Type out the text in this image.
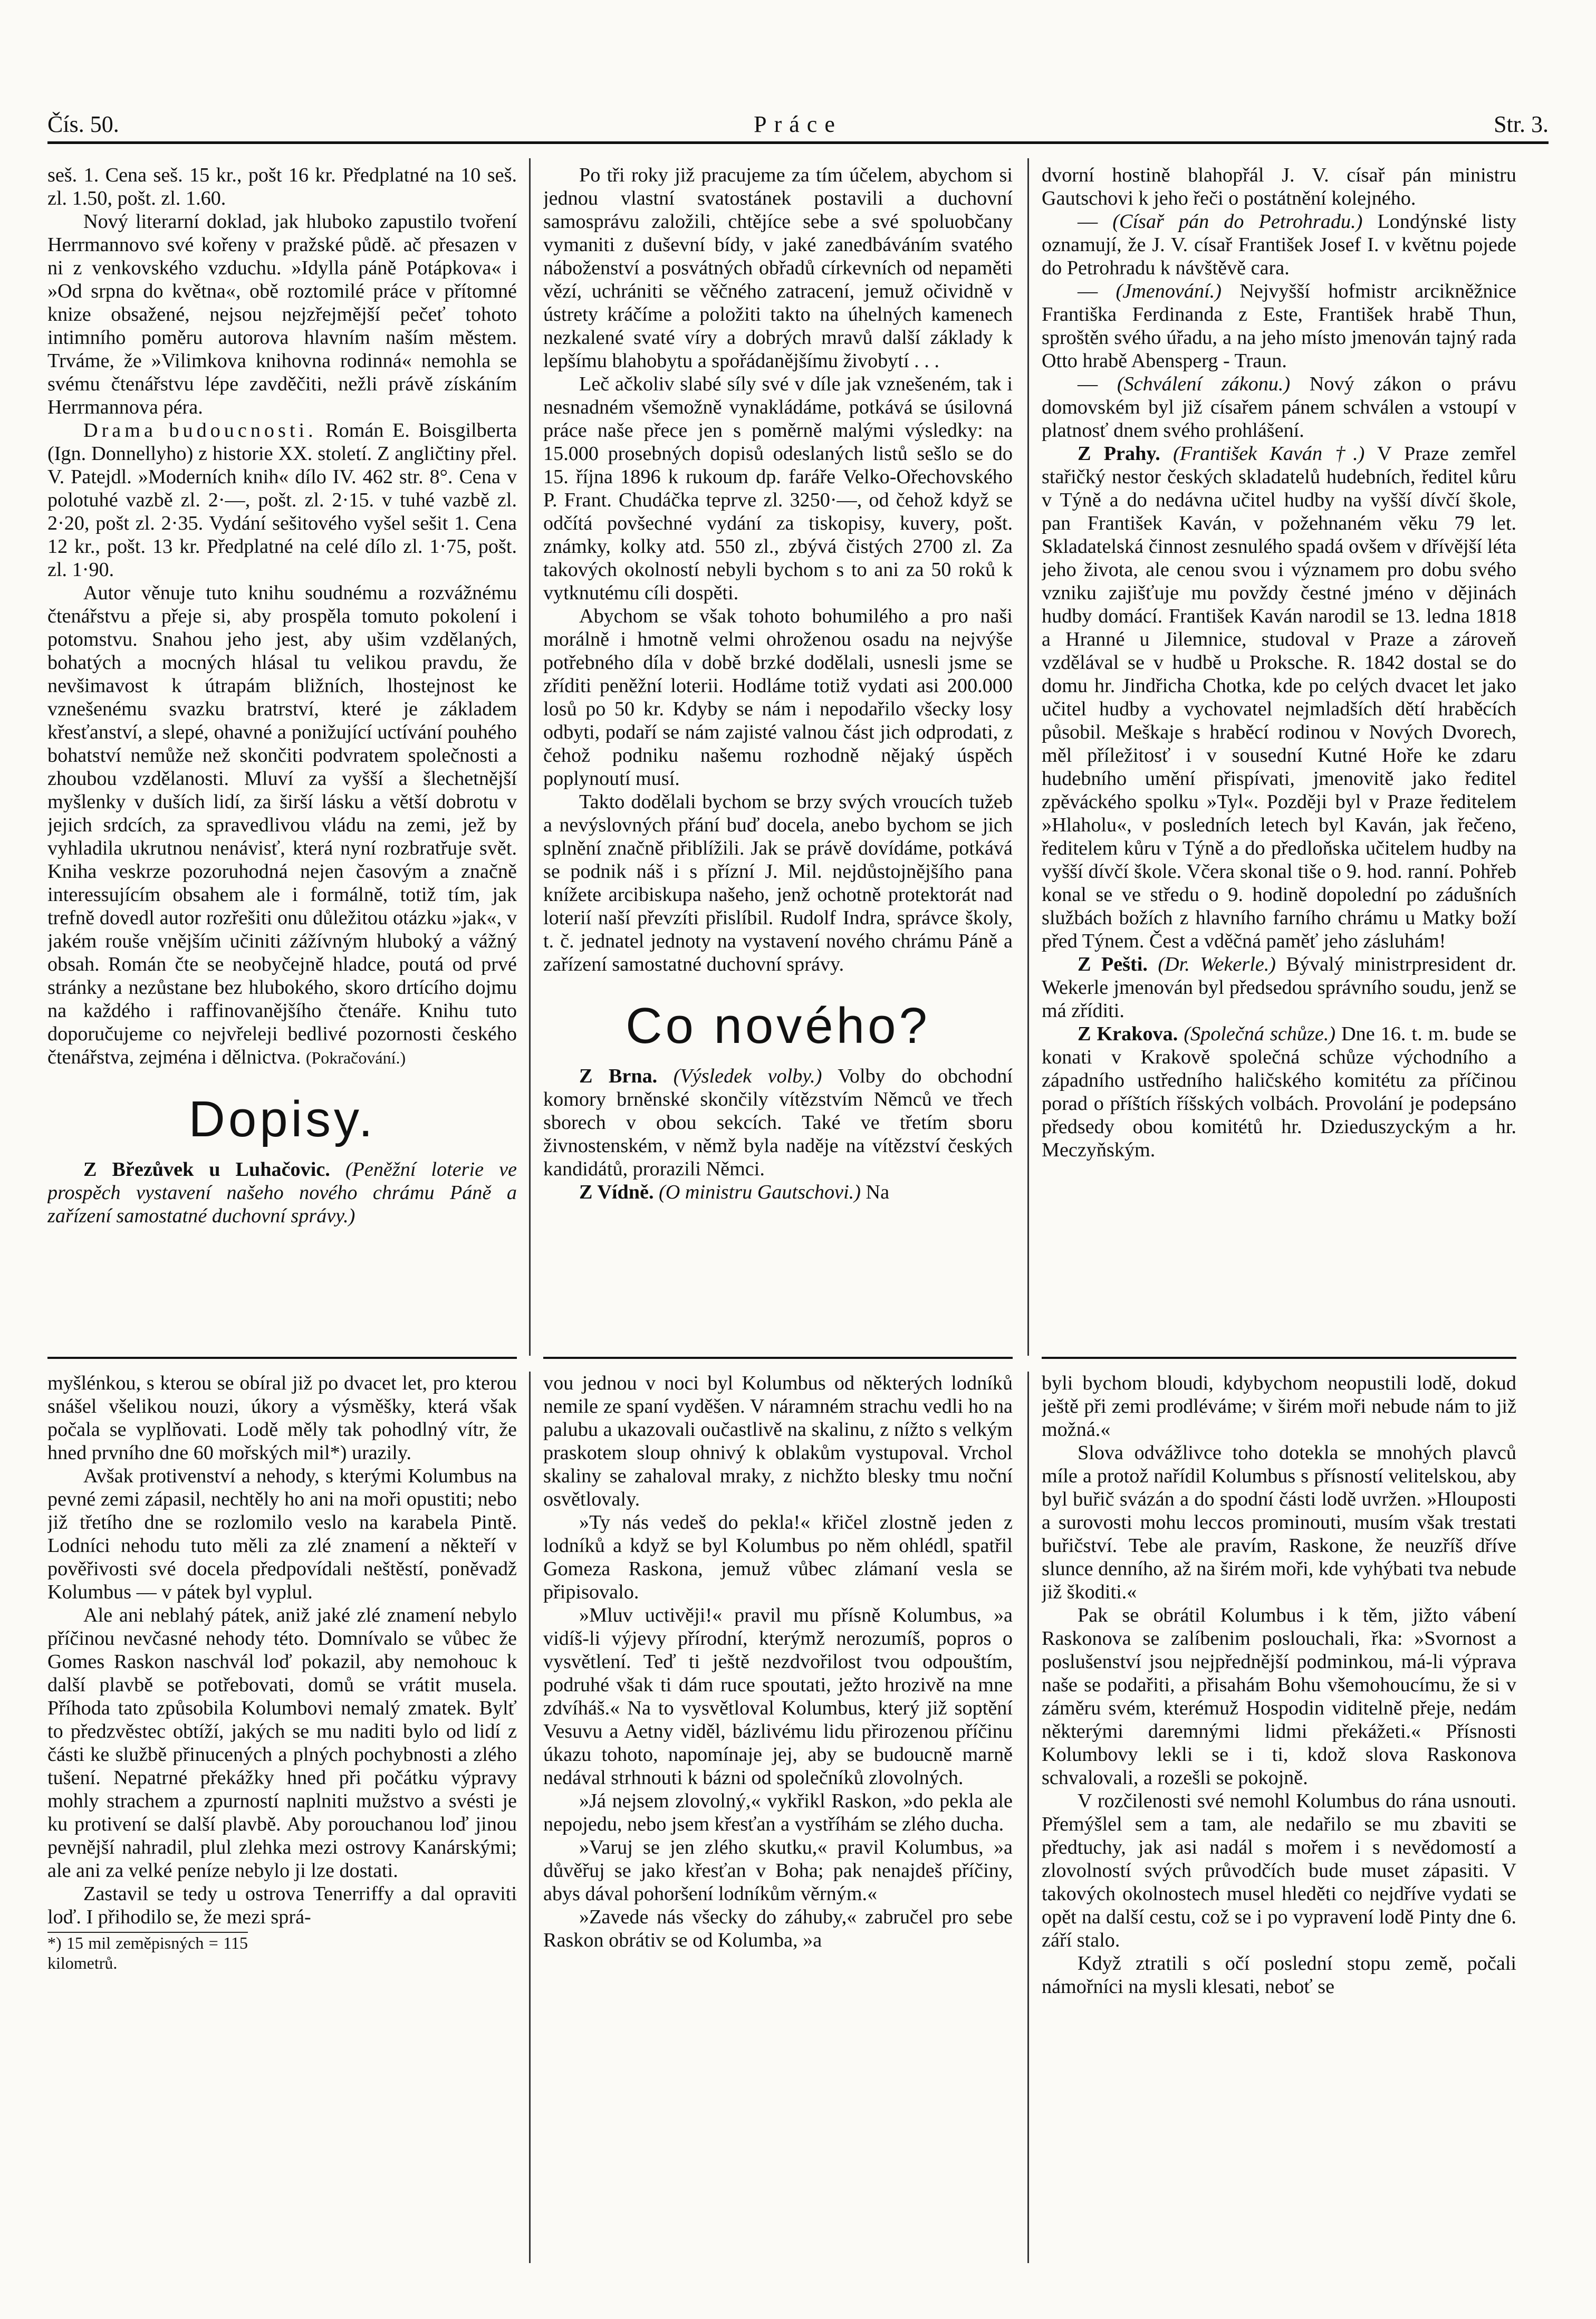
Čís. 50.	Práce	Str. 3.

seš. 1. Cena seš. 15 kr., pošt 16 kr. Předplatné na 10 seš. zl. 1.50, pošt. zl. 1.60.

Nový literarní doklad, jak hluboko zapustilo tvoření Herrmannovo své kořeny v pražské půdě. ač přesazen v ni z venkovského vzduchu. »Idylla páně Potápkova« i »Od srpna do května«, obě roztomilé práce v přítomné knize obsažené, nejsou nejzřejmější pečeť tohoto intimního poměru autorova hlavním naším městem. Trváme, že »Vilimkova knihovna rodinná« nemohla se svému čtenářstvu lépe zavděčiti, nežli právě získáním Herrmannova péra.

Drama budoucnosti. Román E. Boisgilberta (Ign. Donnellyho) z historie XX. století. Z angličtiny přel. V. Patejdl. »Moderních knih« dílo IV. 462 str. 8°. Cena v polotuhé vazbě zl. 2·—, pošt. zl. 2·15. v tuhé vazbě zl. 2·20, pošt zl. 2·35. Vydání sešitového vyšel sešit 1. Cena 12 kr., pošt. 13 kr. Předplatné na celé dílo zl. 1·75, pošt. zl. 1·90.

Autor věnuje tuto knihu soudnému a rozvážnému čtenářstvu a přeje si, aby prospěla tomuto pokolení i potomstvu. Snahou jeho jest, aby ušim vzdělaných, bohatých a mocných hlásal tu velikou pravdu, že nevšimavost k útrapám bližních, lhostejnost ke vznešenému svazku bratrství, které je základem křesťanství, a slepé, ohavné a ponižující uctívání pouhého bohatství nemůže než skončiti podvratem společnosti a zhoubou vzdělanosti. Mluví za vyšší a šlechetnější myšlenky v duších lidí, za širší lásku a větší dobrotu v jejich srdcích, za spravedlivou vládu na zemi, jež by vyhladila ukrutnou nenávisť, která nyní rozbratřuje svět. Kniha veskrze pozoruhodná nejen časovým a značně interessujícím obsahem ale i formálně, totiž tím, jak trefně dovedl autor rozřešiti onu důležitou otázku »jak«, v jakém rouše vnějším učiniti zážívným hluboký a vážný obsah. Román čte se neobyčejně hladce, poutá od prvé stránky a nezůstane bez hlubokého, skoro drtícího dojmu na každého i raffinovanějšího čtenáře. Knihu tuto doporučujeme co nejvřeleji bedlivé pozornosti českého čtenářstva, zejména i dělnictva. (Pokračování.)

Dopisy.

Z Březůvek u Luhačovic. (Peněžní loterie ve prospěch vystavení našeho nového chrámu Páně a zařízení samostatné duchovní správy.)

Po tři roky již pracujeme za tím účelem, abychom si jednou vlastní svatostánek postavili a duchovní samosprávu založili, chtějíce sebe a své spoluobčany vymaniti z duševní bídy, v jaké zanedbáváním svatého náboženství a posvátných obřadů církevních od nepaměti vězí, uchrániti se věčného zatracení, jemuž očividně v ústrety kráčíme a položiti takto na úhelných kamenech nezkalené svaté víry a dobrých mravů další základy k lepšímu blahobytu a spořádanějšímu živobytí . . .

Leč ačkoliv slabé síly své v díle jak vznešeném, tak i nesnadném všemožně vynakládáme, potkává se úsilovná práce naše přece jen s poměrně malými výsledky: na 15.000 prosebných dopisů odeslaných listů sešlo se do 15. října 1896 k rukoum dp. faráře Velko-Ořechovského P. Frant. Chudáčka teprve zl. 3250·—, od čehož když se odčítá povšechné vydání za tiskopisy, kuvery, pošt. známky, kolky atd. 550 zl., zbývá čistých 2700 zl. Za takových okolností nebyli bychom s to ani za 50 roků k vytknutému cíli dospěti.

Abychom se však tohoto bohumilého a pro naši morálně i hmotně velmi ohroženou osadu na nejvýše potřebného díla v době brzké dodělali, usnesli jsme se zříditi peněžní loterii. Hodláme totiž vydati asi 200.000 losů po 50 kr. Kdyby se nám i nepodařilo všecky losy odbyti, podaří se nám zajisté valnou část jich odprodati, z čehož podniku našemu rozhodně nějaký úspěch poplynoutí musí.

Takto dodělali bychom se brzy svých vroucích tužeb a nevýslovných přání buď docela, anebo bychom se jich splnění značně přiblížili. Jak se právě dovídáme, potkává se podnik náš i s přízní J. Mil. nejdůstojnějšího pana knížete arcibiskupa našeho, jenž ochotně protektorát nad loterií naší převzíti přislíbil. Rudolf Indra, správce školy, t. č. jednatel jednoty na vystavení nového chrámu Páně a zařízení samostatné duchovní správy.

Co nového?

Z Brna. (Výsledek volby.) Volby do obchodní komory brněnské skončily vítězstvím Němců ve třech sborech v obou sekcích. Také ve třetím sboru živnostenském, v němž byla naděje na vítězství českých kandidátů, prorazili Němci.

Z Vídně. (O ministru Gautschovi.) Na

dvorní hostině blahopřál J. V. císař pán ministru Gautschovi k jeho řeči o postátnění kolejného.

— (Císař pán do Petrohradu.) Londýnské listy oznamují, že J. V. císař František Josef I. v květnu pojede do Petrohradu k návštěvě cara.

— (Jmenování.) Nejvyšší hofmistr arcikněžnice Františka Ferdinanda z Este, František hrabě Thun, sproštěn svého úřadu, a na jeho místo jmenován tajný rada Otto hrabě Abensperg - Traun.

— (Schválení zákonu.) Nový zákon o právu domovském byl již císařem pánem schválen a vstoupí v platnosť dnem svého prohlášení.

Z Prahy. (František Kaván †.) V Praze zemřel stařičký nestor českých skladatelů hudebních, ředitel kůru v Týně a do nedávna učitel hudby na vyšší dívčí škole, pan František Kaván, v požehnaném věku 79 let. Skladatelská činnost zesnulého spadá ovšem v dřívější léta jeho života, ale cenou svou i významem pro dobu svého vzniku zajišťuje mu povždy čestné jméno v dějinách hudby domácí. František Kaván narodil se 13. ledna 1818 a Hranné u Jilemnice, studoval v Praze a zároveň vzdělával se v hudbě u Proksche. R. 1842 dostal se do domu hr. Jindřicha Chotka, kde po celých dvacet let jako učitel hudby a vychovatel nejmladších dětí hraběcích působil. Meškaje s hraběcí rodinou v Nových Dvorech, měl příležitosť i v sousední Kutné Hoře ke zdaru hudebního umění přispívati, jmenovitě jako ředitel zpěváckého spolku »Tyl«. Později byl v Praze ředitelem »Hlaholu«, v posledních letech byl Kaván, jak řečeno, ředitelem kůru v Týně a do předloňska učitelem hudby na vyšší dívčí škole. Včera skonal tiše o 9. hod. ranní. Pohřeb konal se ve středu o 9. hodině dopolední po zádušních službách božích z hlavního farního chrámu u Matky boží před Týnem. Čest a vděčná paměť jeho zásluhám!

Z Pešti. (Dr. Wekerle.) Bývalý ministrpresident dr. Wekerle jmenován byl předsedou správního soudu, jenž se má zříditi.

Z Krakova. (Společná schůze.) Dne 16. t. m. bude se konati v Krakově společná schůze východního a západního ustředního haličského komitétu za příčinou porad o příštích říšských volbách. Provolání je podepsáno předsedy obou komitétů hr. Dzieduszyckým a hr. Meczyňským.

myšlénkou, s kterou se obíral již po dvacet let, pro kterou snášel všelikou nouzi, úkory a výsměšky, která však počala se vyplňovati. Lodě měly tak pohodlný vítr, že hned prvního dne 60 mořských mil*) urazily.

Avšak protivenství a nehody, s kterými Kolumbus na pevné zemi zápasil, nechtěly ho ani na moři opustiti; nebo již třetího dne se rozlomilo veslo na karabela Pintě. Lodníci nehodu tuto měli za zlé znamení a někteří v pověřivosti své docela předpovídali neštěstí, poněvadž Kolumbus — v pátek byl vyplul.

Ale ani neblahý pátek, aniž jaké zlé znamení nebylo příčinou nevčasné nehody této. Domnívalo se vůbec že Gomes Raskon naschvál loď pokazil, aby nemohouc k další plavbě se potřebovati, domů se vrátit musela. Příhoda tato způsobila Kolumbovi nemalý zmatek. Bylť to předzvěstec obtíží, jakých se mu naditi bylo od lidí z části ke službě přinucených a plných pochybnosti a zlého tušení. Nepatrné překážky hned při počátku výpravy mohly strachem a zpurností naplniti mužstvo a svésti je ku protivení se další plavbě. Aby porouchanou loď jinou pevnější nahradil, plul zlehka mezi ostrovy Kanárskými; ale ani za velké peníze nebylo ji lze dostati.

Zastavil se tedy u ostrova Tenerriffy a dal opraviti loď. I přihodilo se, že mezi sprá-

*) 15 mil zeměpisných = 115 kilometrů.

vou jednou v noci byl Kolumbus od některých lodníků nemile ze spaní vyděšen. V náramném strachu vedli ho na palubu a ukazovali oučastlivě na skalinu, z nížto s velkým praskotem sloup ohnivý k oblakům vystupoval. Vrchol skaliny se zahaloval mraky, z nichžto blesky tmu noční osvětlovaly.

»Ty nás vedeš do pekla!« křičel zlostně jeden z lodníků a když se byl Kolumbus po něm ohlédl, spatřil Gomeza Raskona, jemuž vůbec zlámaní vesla se připisovalo.

»Mluv uctivěji!« pravil mu přísně Kolumbus, »a vidíš-li výjevy přírodní, kterýmž nerozumíš, popros o vysvětlení. Teď ti ještě nezdvořilost tvou odpouštím, podruhé však ti dám ruce spoutati, ježto hrozivě na mne zdvíháš.« Na to vysvětloval Kolumbus, který již soptění Vesuvu a Aetny viděl, bázlivému lidu přirozenou příčinu úkazu tohoto, napomínaje jej, aby se budoucně marně nedával strhnouti k bázni od společníků zlovolných.

»Já nejsem zlovolný,« vykřikl Raskon, »do pekla ale nepojedu, nebo jsem křesťan a vystříhám se zlého ducha.

»Varuj se jen zlého skutku,« pravil Kolumbus, »a důvěřuj se jako křesťan v Boha; pak nenajdeš příčiny, abys dával pohoršení lodníkům věrným.«

»Zavede nás všecky do záhuby,« zabručel pro sebe Raskon obrátiv se od Kolumba, »a

byli bychom bloudi, kdybychom neopustili lodě, dokud ještě při zemi prodléváme; v širém moři nebude nám to již možná.«

Slova odvážlivce toho dotekla se mnohých plavců míle a protož nařídil Kolumbus s přísností velitelskou, aby byl buřič svázán a do spodní části lodě uvržen. »Hlouposti a surovosti mohu leccos prominouti, musím však trestati buřičství. Tebe ale pravím, Raskone, že neuzříš dříve slunce denního, až na širém moři, kde vyhýbati tva nebude již škoditi.«

Pak se obrátil Kolumbus i k těm, jižto vábení Raskonova se zalíbenim poslouchali, řka: »Svornost a poslušenství jsou nejpřednější podminkou, má-li výprava naše se podařiti, a přisahám Bohu všemohoucímu, že si v záměru svém, kterémuž Hospodin viditelně přeje, nedám některými daremnými lidmi překážeti.« Přísnosti Kolumbovy lekli se i ti, kdož slova Raskonova schvalovali, a rozešli se pokojně.

V rozčilenosti své nemohl Kolumbus do rána usnouti. Přemýšlel sem a tam, ale nedařilo se mu zbaviti se předtuchy, jak asi nadál s mořem i s nevědomostí a zlovolností svých průvodčích bude muset zápasiti. V takových okolnostech musel hleděti co nejdříve vydati se opět na další cestu, což se i po vypravení lodě Pinty dne 6. září stalo.

Když ztratili s očí poslední stopu země, počali námořníci na mysli klesati, neboť se
